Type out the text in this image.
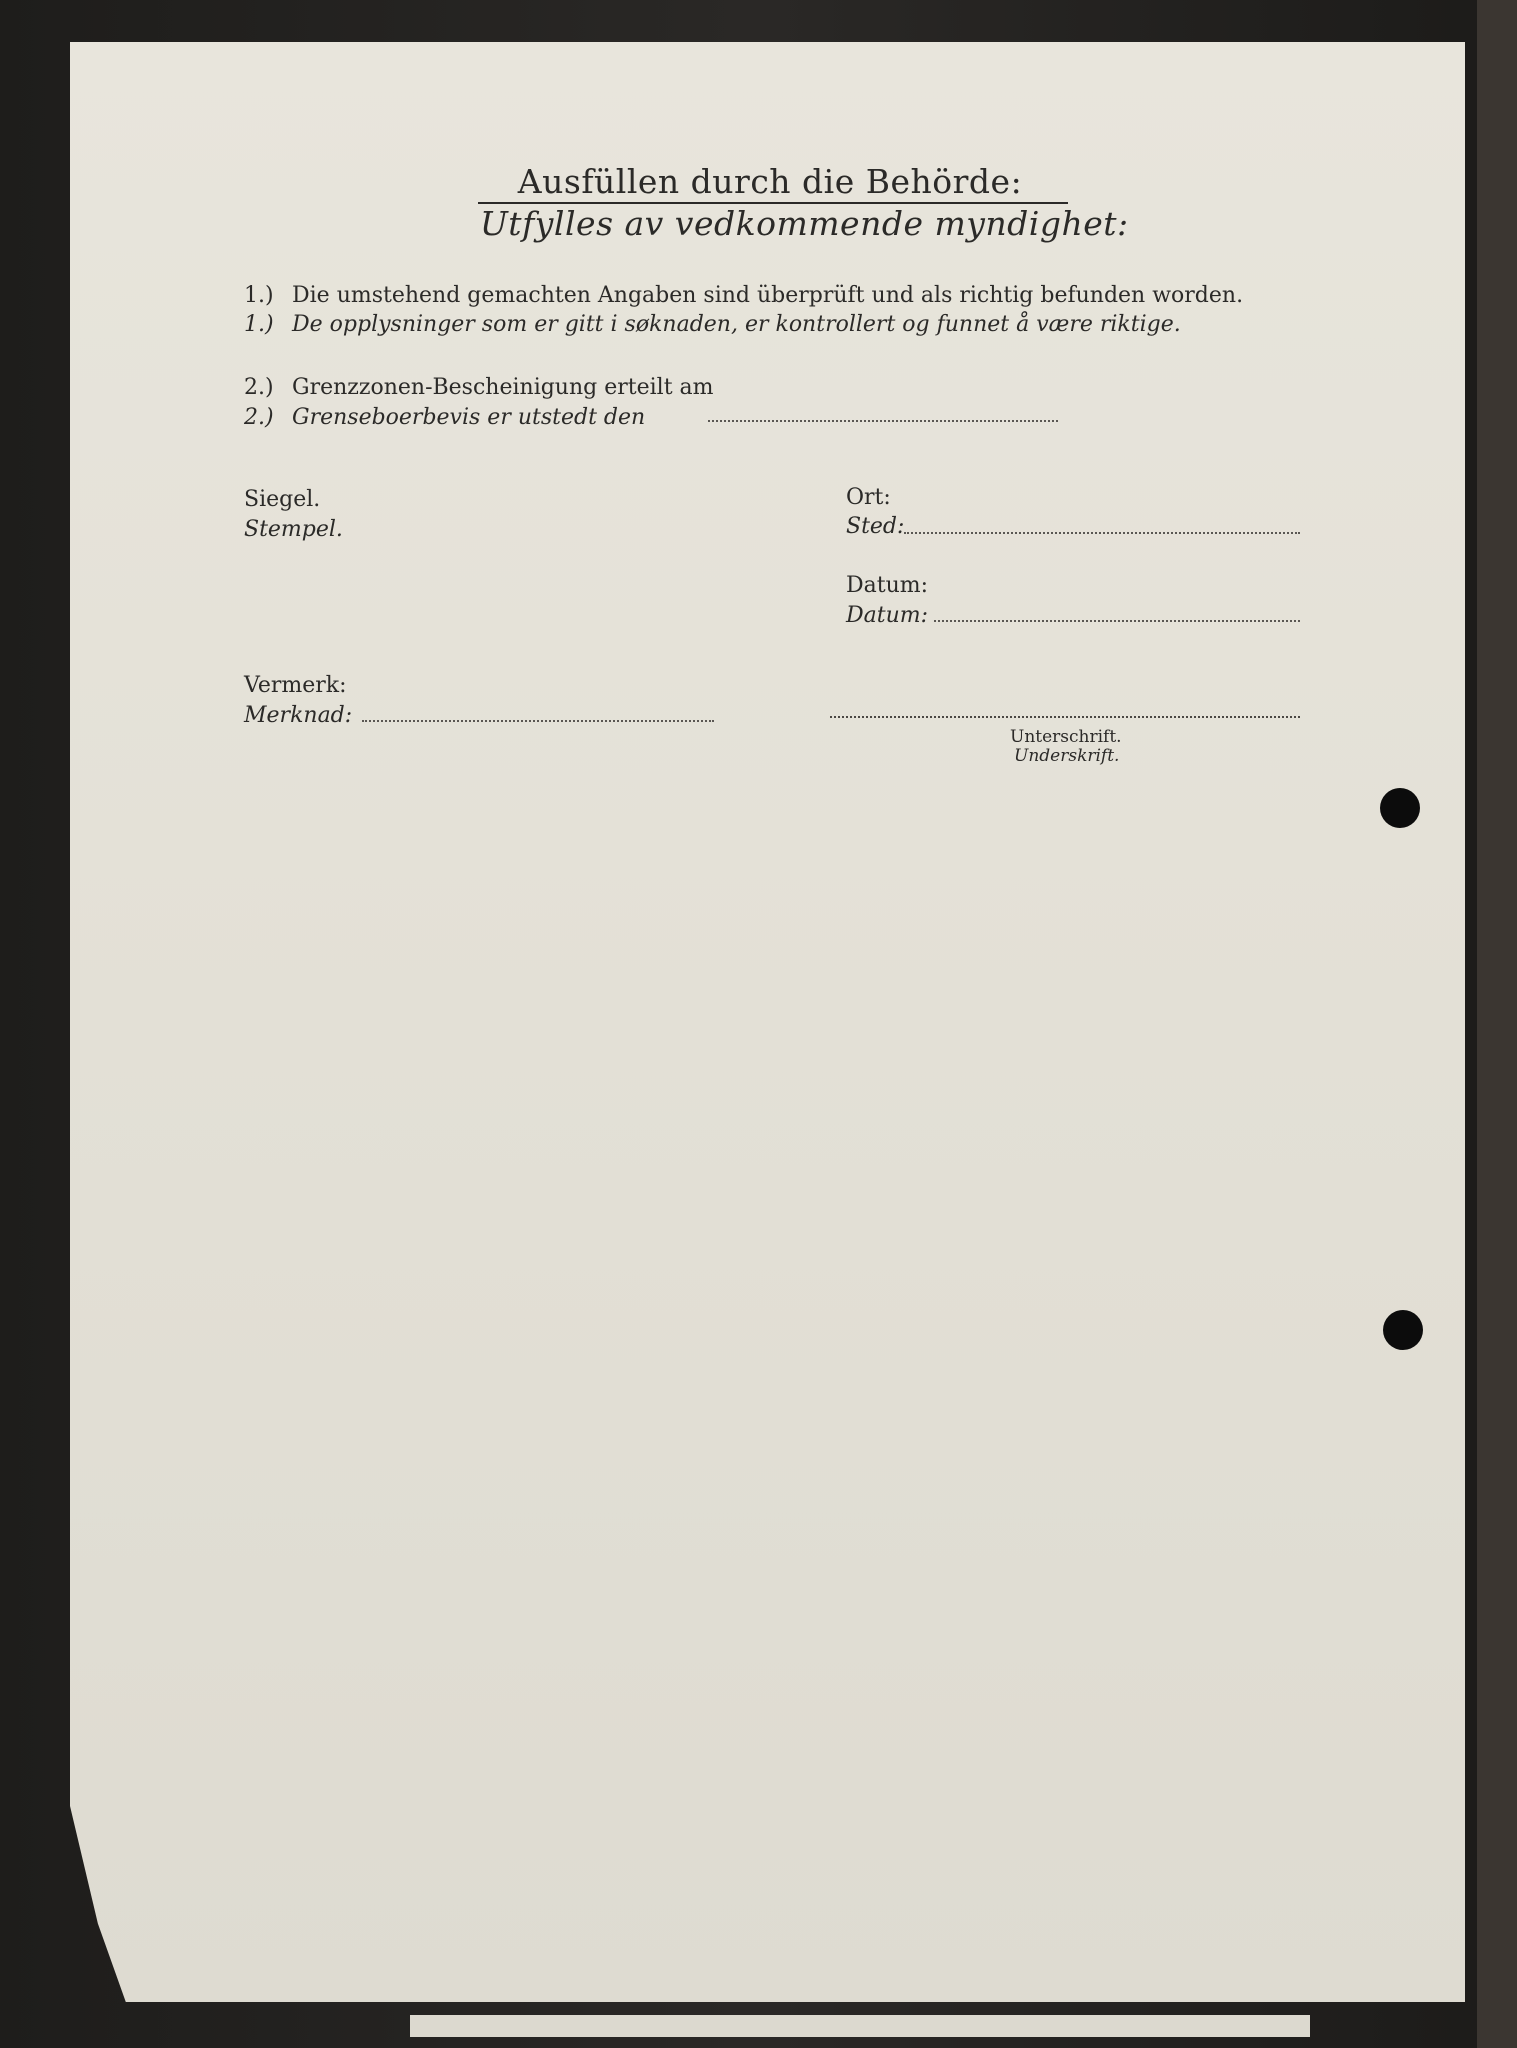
Ausfüllen durch die Behörde:
Utfylles av vedkommende myndighet:
1.) Die umstehend gemachten Angaben sind überprüft und als richtig befunden worden.
1.) De opplysninger som er gitt i søknaden, er kontrollert og funnet å være riktige.
2.) Grenzzonen-Bescheinigung erteilt am
2.) Grenseboerbevis er utstedt den
Siegel.
Stempel.
Ort:
Sted:
Datum:
Datum:
Vermerk:
Merknad:
Unterschrift.
Underskrift.
